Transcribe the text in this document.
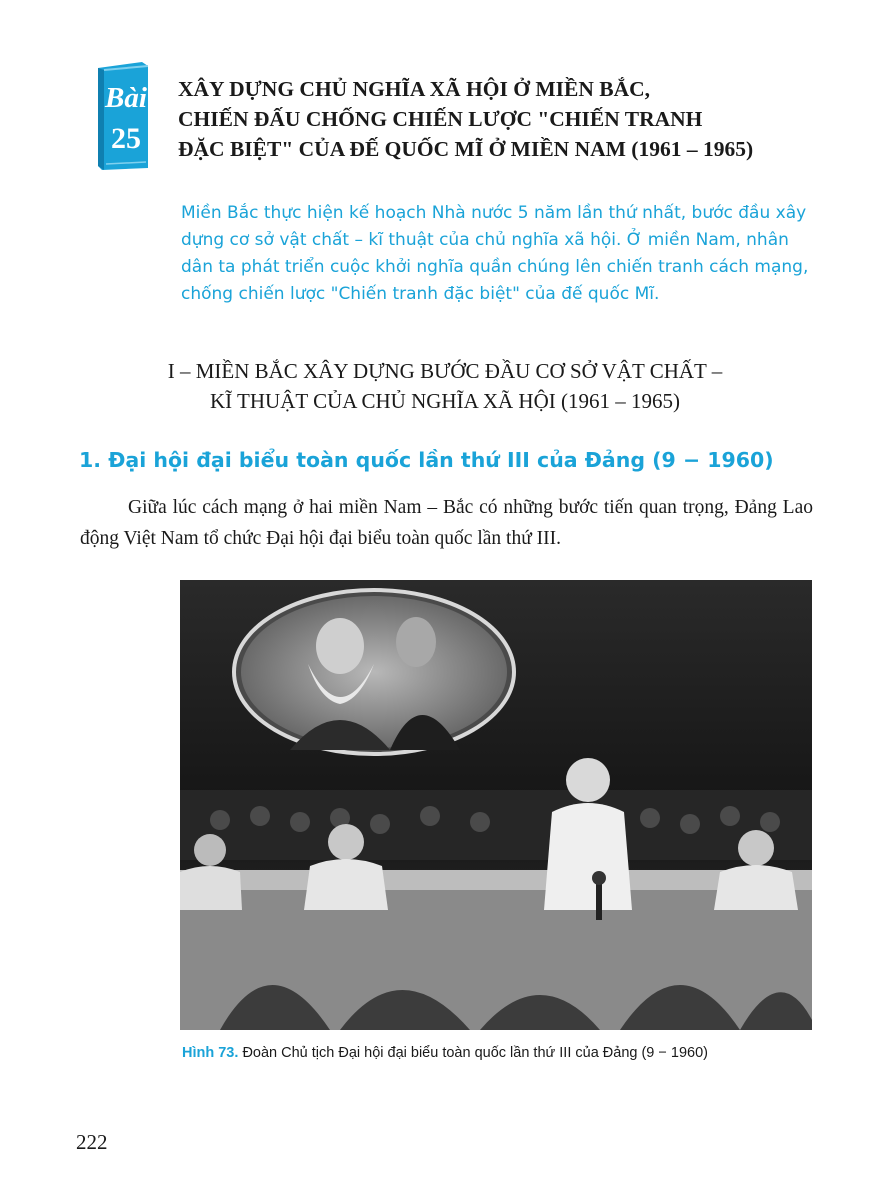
Bài
25
XÂY DỰNG CHỦ NGHĨA XÃ HỘI Ở MIỀN BẮC,
CHIẾN ĐẤU CHỐNG CHIẾN LƯỢC "CHIẾN TRANH
ĐẶC BIỆT" CỦA ĐẾ QUỐC MĨ Ở MIỀN NAM (1961 – 1965)

Miền Bắc thực hiện kế hoạch Nhà nước 5 năm lần thứ nhất, bước đầu xây dựng cơ sở vật chất – kĩ thuật của chủ nghĩa xã hội. Ở miền Nam, nhân dân ta phát triển cuộc khởi nghĩa quần chúng lên chiến tranh cách mạng, chống chiến lược "Chiến tranh đặc biệt" của đế quốc Mĩ.

I – MIỀN BẮC XÂY DỰNG BƯỚC ĐẦU CƠ SỞ VẬT CHẤT –
KĨ THUẬT CỦA CHỦ NGHĨA XÃ HỘI (1961 – 1965)
1. Đại hội đại biểu toàn quốc lần thứ III của Đảng (9 − 1960)

Giữa lúc cách mạng ở hai miền Nam – Bắc có những bước tiến quan trọng, Đảng Lao động Việt Nam tổ chức Đại hội đại biểu toàn quốc lần thứ III.

Hình 73. Đoàn Chủ tịch Đại hội đại biểu toàn quốc lần thứ III của Đảng (9 − 1960)

222
